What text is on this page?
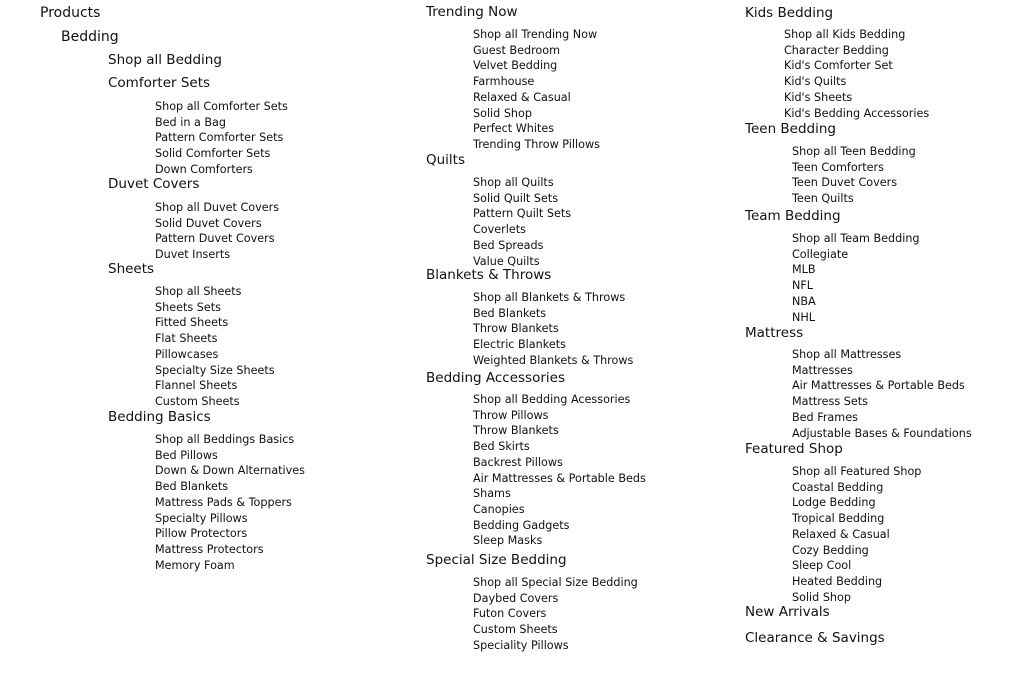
Products
Bedding
Shop all Bedding
Comforter Sets
Shop all Comforter Sets
Bed in a Bag
Pattern Comforter Sets
Solid Comforter Sets
Down Comforters
Duvet Covers
Shop all Duvet Covers
Solid Duvet Covers
Pattern Duvet Covers
Duvet Inserts
Sheets
Shop all Sheets
Sheets Sets
Fitted Sheets
Flat Sheets
Pillowcases
Specialty Size Sheets
Flannel Sheets
Custom Sheets
Bedding Basics
Shop all Beddings Basics
Bed Pillows
Down & Down Alternatives
Bed Blankets
Mattress Pads & Toppers
Specialty Pillows
Pillow Protectors
Mattress Protectors
Memory Foam
Trending Now
Shop all Trending Now
Guest Bedroom
Velvet Bedding
Farmhouse
Relaxed & Casual
Solid Shop
Perfect Whites
Trending Throw Pillows
Quilts
Shop all Quilts
Solid Quilt Sets
Pattern Quilt Sets
Coverlets
Bed Spreads
Value Quilts
Blankets & Throws
Shop all Blankets & Throws
Bed Blankets
Throw Blankets
Electric Blankets
Weighted Blankets & Throws
Bedding Accessories
Shop all Bedding Acessories
Throw Pillows
Throw Blankets
Bed Skirts
Backrest Pillows
Air Mattresses & Portable Beds
Shams
Canopies
Bedding Gadgets
Sleep Masks
Special Size Bedding
Shop all Special Size Bedding
Daybed Covers
Futon Covers
Custom Sheets
Speciality Pillows
Kids Bedding
Shop all Kids Bedding
Character Bedding
Kid's Comforter Set
Kid's Quilts
Kid's Sheets
Kid's Bedding Accessories
Teen Bedding
Shop all Teen Bedding
Teen Comforters
Teen Duvet Covers
Teen Quilts
Team Bedding
Shop all Team Bedding
Collegiate
MLB
NFL
NBA
NHL
Mattress
Shop all Mattresses
Mattresses
Air Mattresses & Portable Beds
Mattress Sets
Bed Frames
Adjustable Bases & Foundations
Featured Shop
Shop all Featured Shop
Coastal Bedding
Lodge Bedding
Tropical Bedding
Relaxed & Casual
Cozy Bedding
Sleep Cool
Heated Bedding
Solid Shop
New Arrivals
Clearance & Savings
